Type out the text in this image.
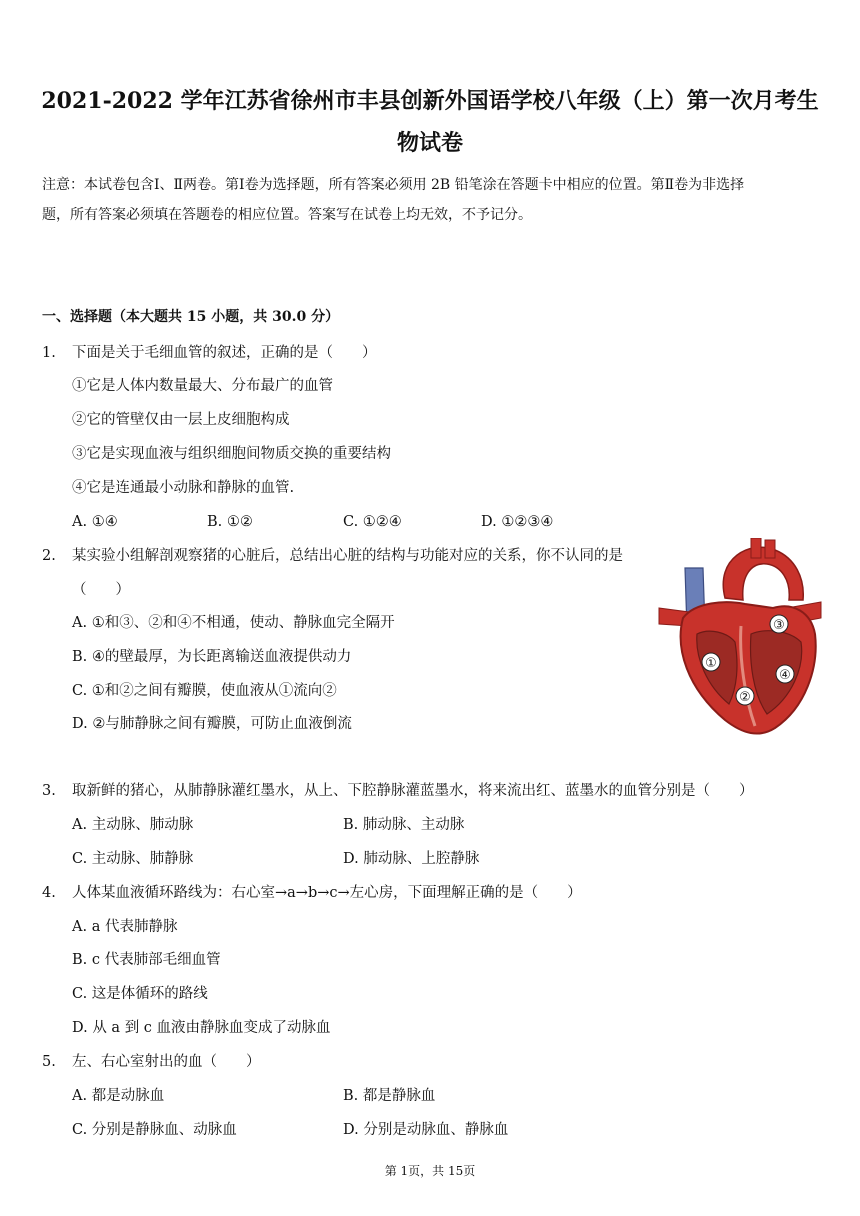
2021-2022 学年江苏省徐州市丰县创新外国语学校八年级（上）第一次月考生
物试卷
注意：本试卷包含Ⅰ、Ⅱ两卷。第Ⅰ卷为选择题，所有答案必须用 2B 铅笔涂在答题卡中相应的位置。第Ⅱ卷为非选择
题，所有答案必须填在答题卷的相应位置。答案写在试卷上均无效，不予记分。
一、选择题（本大题共 15 小题，共 30.0 分）
1. 下面是关于毛细血管的叙述，正确的是（　　）
①它是人体内数量最大、分布最广的血管
②它的管壁仅由一层上皮细胞构成
③它是实现血液与组织细胞间物质交换的重要结构
④它是连通最小动脉和静脉的血管.
A. ①④	B. ①②	C. ①②④	D. ①②③④
2. 某实验小组解剖观察猪的心脏后，总结出心脏的结构与功能对应的关系，你不认同的是
（　　）
A. ①和③、②和④不相通，使动、静脉血完全隔开
B. ④的壁最厚，为长距离输送血液提供动力
C. ①和②之间有瓣膜，使血液从①流向②
D. ②与肺静脉之间有瓣膜，可防止血液倒流
①
②
③
④
3. 取新鲜的猪心，从肺静脉灌红墨水，从上、下腔静脉灌蓝墨水，将来流出红、蓝墨水的血管分别是（　　）
A. 主动脉、肺动脉	B. 肺动脉、主动脉
C. 主动脉、肺静脉	D. 肺动脉、上腔静脉
4. 人体某血液循环路线为：右心室→a→b→c→左心房，下面理解正确的是（　　）
A. a 代表肺静脉
B. c 代表肺部毛细血管
C. 这是体循环的路线
D. 从 a 到 c 血液由静脉血变成了动脉血
5. 左、右心室射出的血（　　）
A. 都是动脉血	B. 都是静脉血
C. 分别是静脉血、动脉血	D. 分别是动脉血、静脉血
第 1页，共 15页
